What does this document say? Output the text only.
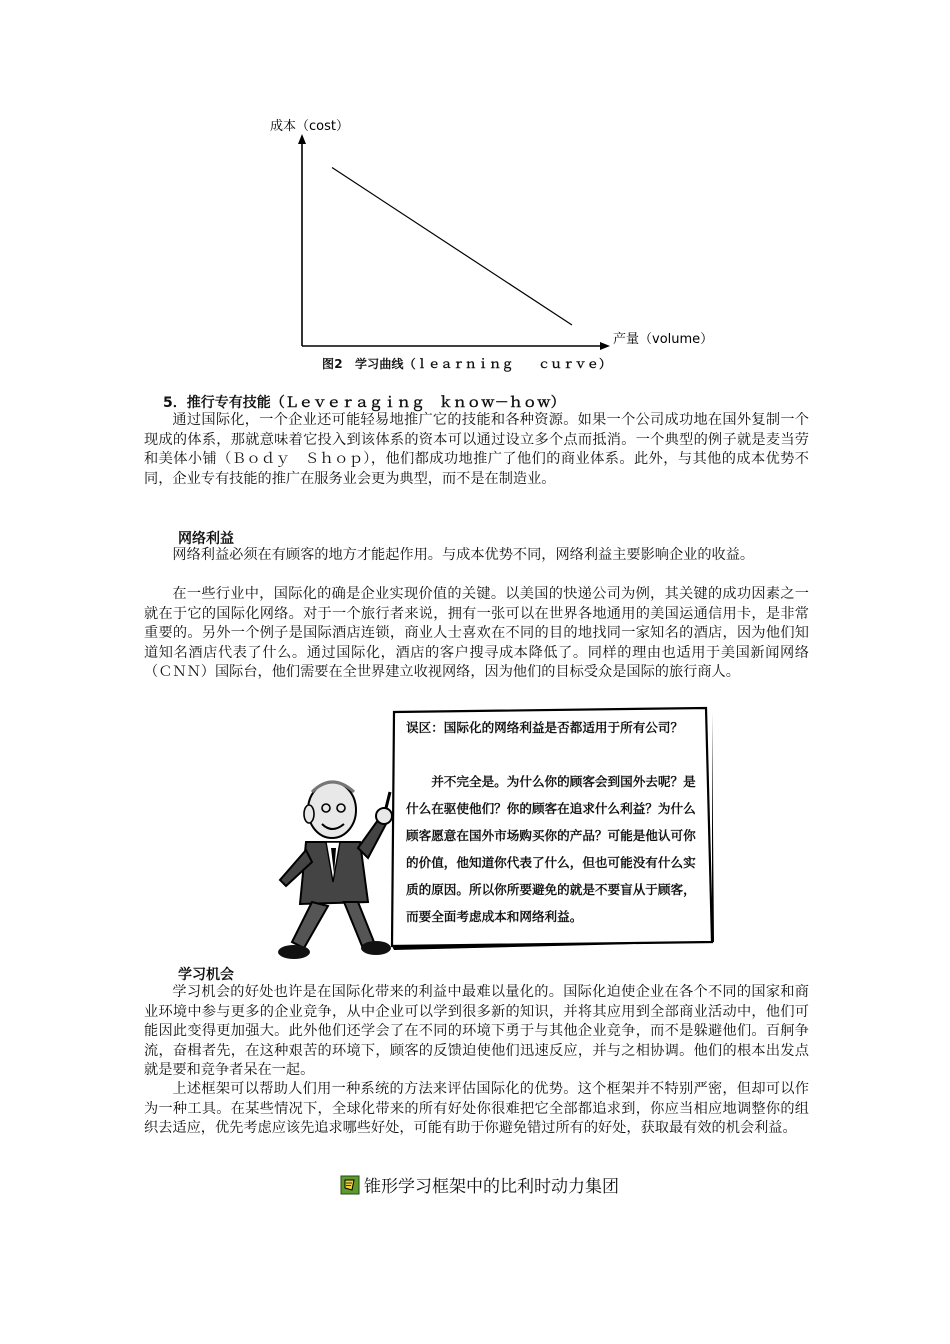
成本（cost）
产量（volume）
图2　学习曲线（ｌｅａｒｎｉｎｇ　　ｃｕｒｖｅ）
5．推行专有技能（Ｌｅｖｅｒａｇｉｎｇ　ｋｎｏｗ－ｈｏｗ）

通过国际化，一个企业还可能轻易地推广它的技能和各种资源。如果一个公司成功地在国外复制一个现成的体系，那就意味着它投入到该体系的资本可以通过设立多个点而抵消。一个典型的例子就是麦当劳和美体小铺（Ｂｏｄｙ　Ｓｈｏｐ），他们都成功地推广了他们的商业体系。此外，与其他的成本优势不同，企业专有技能的推广在服务业会更为典型，而不是在制造业。

网络利益

网络利益必须在有顾客的地方才能起作用。与成本优势不同，网络利益主要影响企业的收益。

在一些行业中，国际化的确是企业实现价值的关键。以美国的快递公司为例，其关键的成功因素之一就在于它的国际化网络。对于一个旅行者来说，拥有一张可以在世界各地通用的美国运通信用卡，是非常重要的。另外一个例子是国际酒店连锁，商业人士喜欢在不同的目的地找同一家知名的酒店，因为他们知道知名酒店代表了什么。通过国际化，酒店的客户搜寻成本降低了。同样的理由也适用于美国新闻网络（ＣＮＮ）国际台，他们需要在全世界建立收视网络，因为他们的目标受众是国际的旅行商人。

误区：国际化的网络利益是否都适用于所有公司？

并不完全是。为什么你的顾客会到国外去呢？是什么在驱使他们？你的顾客在追求什么利益？为什么顾客愿意在国外市场购买你的产品？可能是他认可你的价值，他知道你代表了什么，但也可能没有什么实质的原因。所以你所要避免的就是不要盲从于顾客，而要全面考虑成本和网络利益。

学习机会

学习机会的好处也许是在国际化带来的利益中最难以量化的。国际化迫使企业在各个不同的国家和商业环境中参与更多的企业竞争，从中企业可以学到很多新的知识，并将其应用到全部商业活动中，他们可能因此变得更加强大。此外他们还学会了在不同的环境下勇于与其他企业竞争，而不是躲避他们。百舸争流，奋楫者先，在这种艰苦的环境下，顾客的反馈迫使他们迅速反应，并与之相协调。他们的根本出发点就是要和竞争者呆在一起。

上述框架可以帮助人们用一种系统的方法来评估国际化的优势。这个框架并不特别严密，但却可以作为一种工具。在某些情况下，全球化带来的所有好处你很难把它全部都追求到，你应当相应地调整你的组织去适应，优先考虑应该先追求哪些好处，可能有助于你避免错过所有的好处，获取最有效的机会利益。

锥形学习框架中的比利时动力集团
